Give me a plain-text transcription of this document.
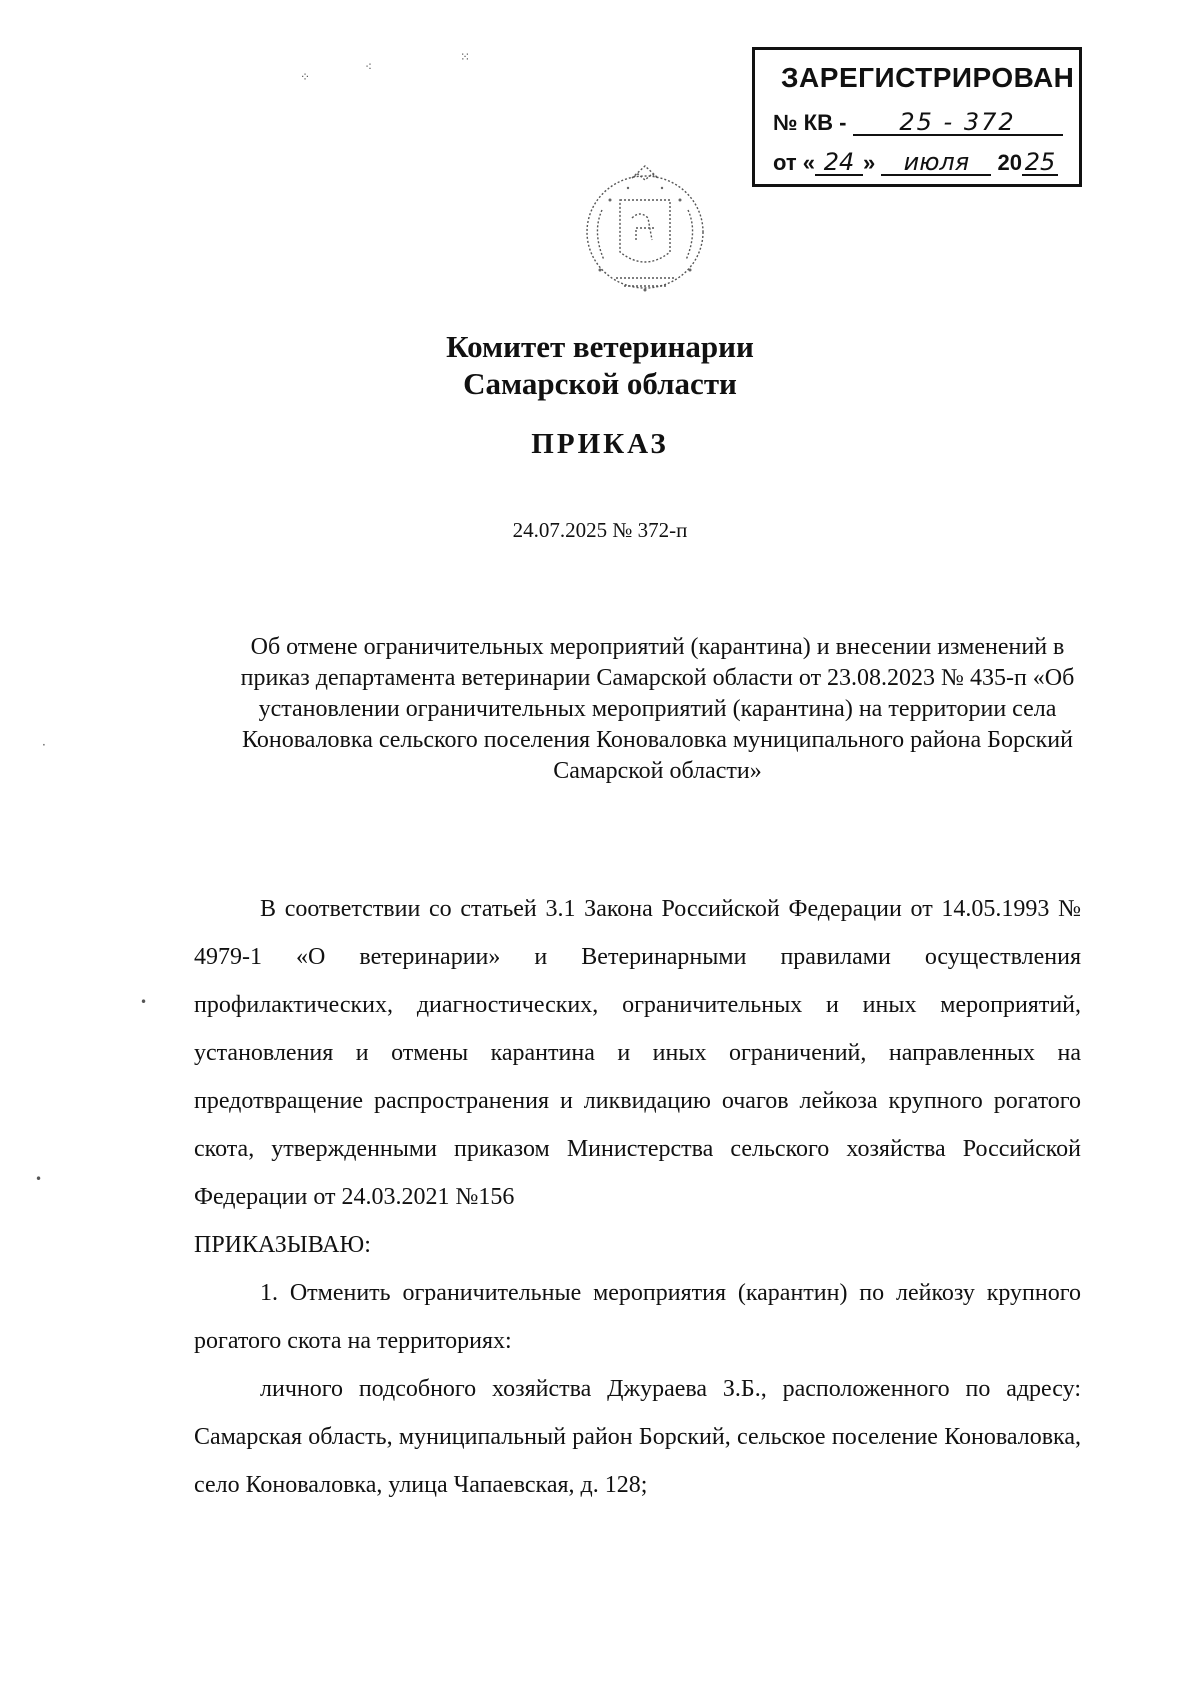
⁘
⁖
⁙
·
•
•
ЗАРЕГИСТРИРОВАН
№ КВ - 25 - 372
от « 24 » июля 20 25
Комитет ветеринарии
Самарской области
ПРИКАЗ
24.07.2025 № 372-п
Об отмене ограничительных мероприятий (карантина) и внесении изменений в приказ департамента ветеринарии Самарской области от 23.08.2023 № 435-п «Об установлении ограничительных мероприятий (карантина) на территории села Коноваловка сельского поселения Коноваловка муниципального района Борский Самарской области»

В соответствии со статьей 3.1 Закона Российской Федерации от 14.05.1993 № 4979-1 «О ветеринарии» и Ветеринарными правилами осуществления профилактических, диагностических, ограничительных и иных мероприятий, установления и отмены карантина и иных ограничений, направленных на предотвращение распространения и ликвидацию очагов лейкоза крупного рогатого скота, утвержденными приказом Министерства сельского хозяйства Российской Федерации от 24.03.2021 №156

ПРИКАЗЫВАЮ:

1. Отменить ограничительные мероприятия (карантин) по лейкозу крупного рогатого скота на территориях:

личного подсобного хозяйства Джураева З.Б., расположенного по адресу: Самарская область, муниципальный район Борский, сельское поселение Коноваловка, село Коноваловка, улица Чапаевская, д. 128;
